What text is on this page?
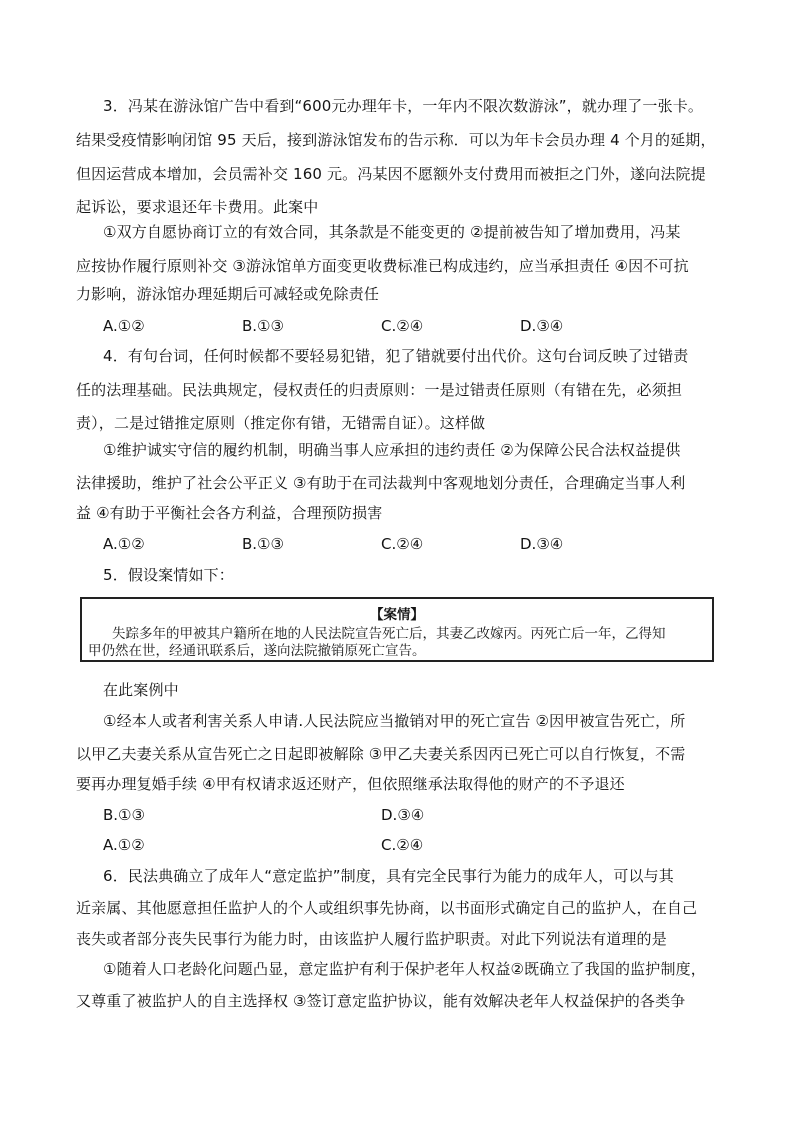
3．冯某在游泳馆广告中看到“600元办理年卡，一年内不限次数游泳”，就办理了一张卡。
结果受疫情影响闭馆 95 天后，接到游泳馆发布的告示称．可以为年卡会员办理 4 个月的延期，
但因运营成本增加，会员需补交 160 元。冯某因不愿额外支付费用而被拒之门外，遂向法院提
起诉讼，要求退还年卡费用。此案中
①双方自愿协商订立的有效合同，其条款是不能变更的 ②提前被告知了增加费用，冯某
应按协作履行原则补交 ③游泳馆单方面变更收费标准已构成违约，应当承担责任 ④因不可抗
力影响，游泳馆办理延期后可减轻或免除责任
A.①②	B.①③	C.②④	D.③④
4．有句台词，任何时候都不要轻易犯错，犯了错就要付出代价。这句台词反映了过错责
任的法理基础。民法典规定，侵权责任的归责原则：一是过错责任原则（有错在先，必须担
责），二是过错推定原则（推定你有错，无错需自证）。这样做
①维护诚实守信的履约机制，明确当事人应承担的违约责任 ②为保障公民合法权益提供
法律援助，维护了社会公平正义 ③有助于在司法裁判中客观地划分责任，合理确定当事人利
益 ④有助于平衡社会各方利益，合理预防损害
A.①②	B.①③	C.②④	D.③④
5．假设案情如下：
【案情】
失踪多年的甲被其户籍所在地的人民法院宣告死亡后，其妻乙改嫁丙。丙死亡后一年，乙得知
甲仍然在世，经通讯联系后，遂向法院撤销原死亡宣告。
在此案例中
①经本人或者利害关系人申请.人民法院应当撤销对甲的死亡宣告 ②因甲被宣告死亡，所
以甲乙夫妻关系从宣告死亡之日起即被解除 ③甲乙夫妻关系因丙已死亡可以自行恢复，不需
要再办理复婚手续 ④甲有权请求返还财产，但依照继承法取得他的财产的不予退还
B.①③	D.③④
A.①②	C.②④
6．民法典确立了成年人“意定监护”制度，具有完全民事行为能力的成年人，可以与其
近亲属、其他愿意担任监护人的个人或组织事先协商，以书面形式确定自己的监护人，在自己
丧失或者部分丧失民事行为能力时，由该监护人履行监护职责。对此下列说法有道理的是
①随着人口老龄化问题凸显，意定监护有利于保护老年人权益②既确立了我国的监护制度，
又尊重了被监护人的自主选择权 ③签订意定监护协议，能有效解决老年人权益保护的各类争
